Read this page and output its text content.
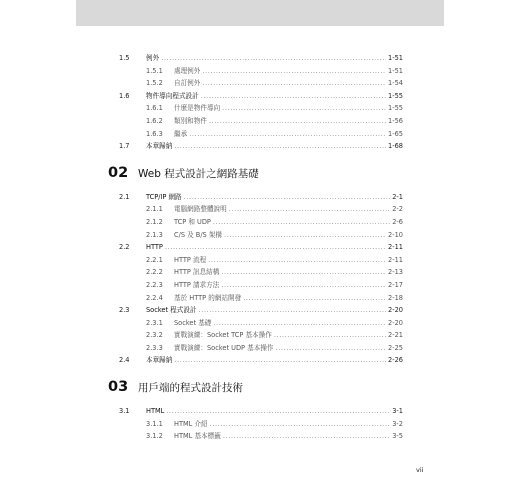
1.5	例外 .....	1-51
1.5.1	處理例外 .....	1-51
1.5.2	自訂例外 .....	1-54
1.6	物件導向程式設計 .....	1-55
1.6.1	什麼是物件導向 .....	1-55
1.6.2	類別和物件 .....	1-56
1.6.3	繼承 .....	1-65
1.7	本章歸納 .....	1-68
02 Web 程式設計之網路基礎
2.1	TCP/IP 網路 .....	2-1
2.1.1	電腦網路整體說明 .....	2-2
2.1.2	TCP 和 UDP .....	2-6
2.1.3	C/S 及 B/S 架構 .....	2-10
2.2	HTTP .....	2-11
2.2.1	HTTP 流程 .....	2-11
2.2.2	HTTP 訊息結構 .....	2-13
2.2.3	HTTP 請求方法 .....	2-17
2.2.4	基於 HTTP 的網站開發 .....	2-18
2.3	Socket 程式設計 .....	2-20
2.3.1	Socket 基礎 .....	2-20
2.3.2	實戰演練：Socket TCP 基本操作 .....	2-21
2.3.3	實戰演練：Socket UDP 基本操作 .....	2-25
2.4	本章歸納 .....	2-26
03 用戶端的程式設計技術
3.1	HTML .....	3-1
3.1.1	HTML 介紹 .....	3-2
3.1.2	HTML 基本標籤 .....	3-5
vii
